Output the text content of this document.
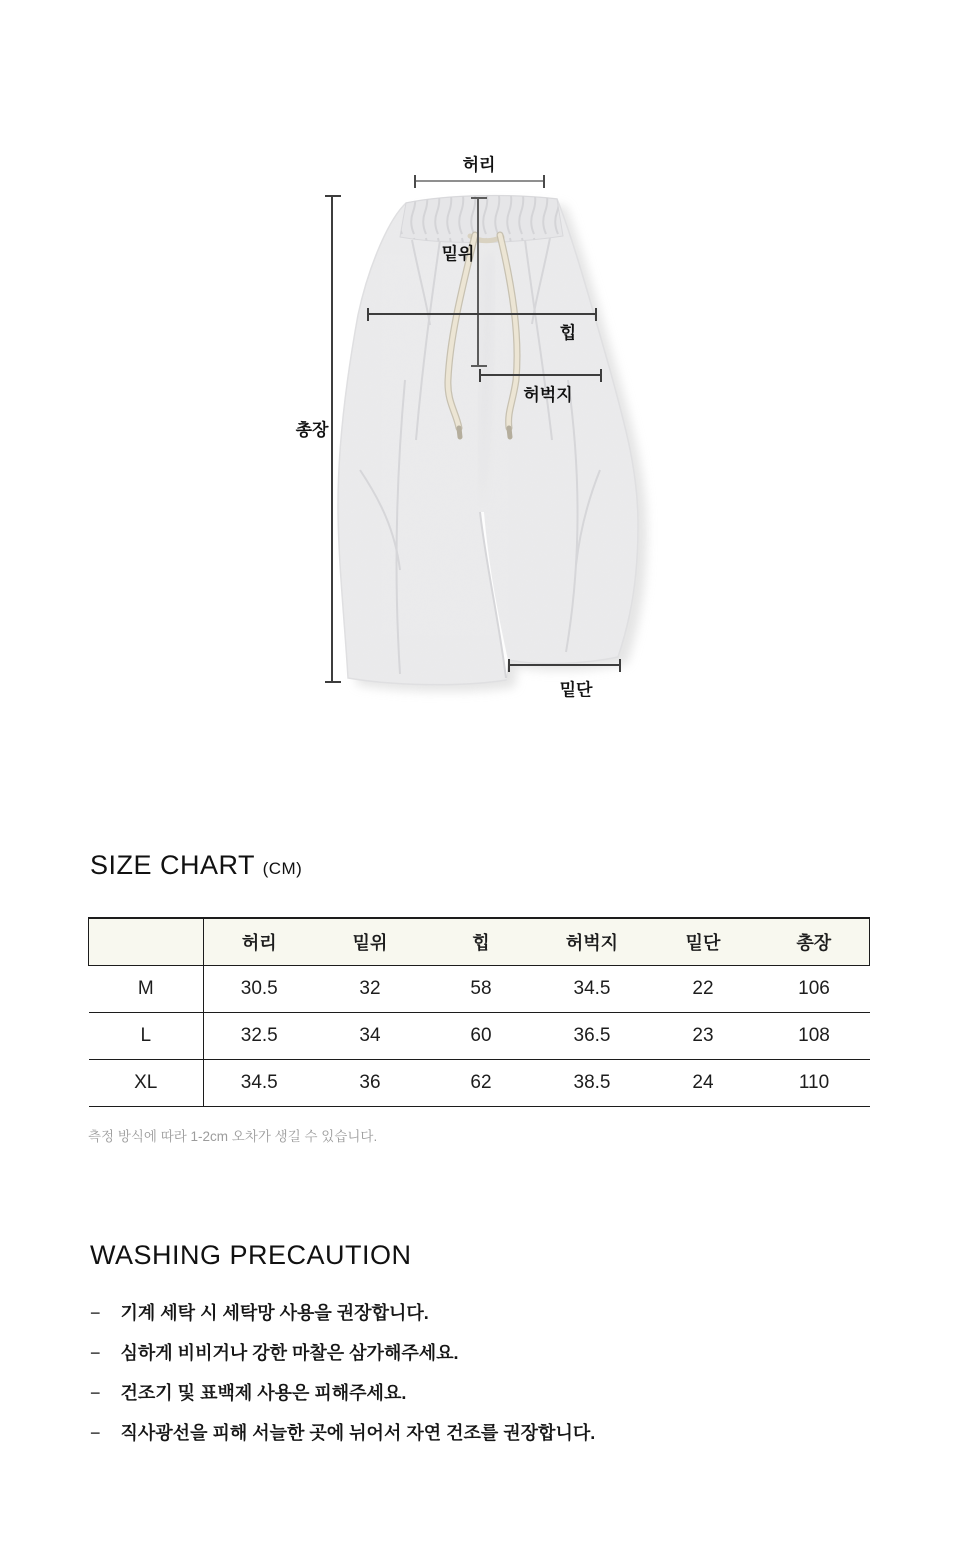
허리
밑위
힙
허벅지
총장
밑단
SIZE CHART (CM)
	허리	밑위	힙	허벅지	밑단	총장
M	30.5	32	58	34.5	22	106
L	32.5	34	60	36.5	23	108
XL	34.5	36	62	38.5	24	110

측정 방식에 따라 1-2cm 오차가 생길 수 있습니다.

WASHING PRECAUTION
− 기계 세탁 시 세탁망 사용을 권장합니다.
− 심하게 비비거나 강한 마찰은 삼가해주세요.
− 건조기 및 표백제 사용은 피해주세요.
− 직사광선을 피해 서늘한 곳에 뉘어서 자연 건조를 권장합니다.
